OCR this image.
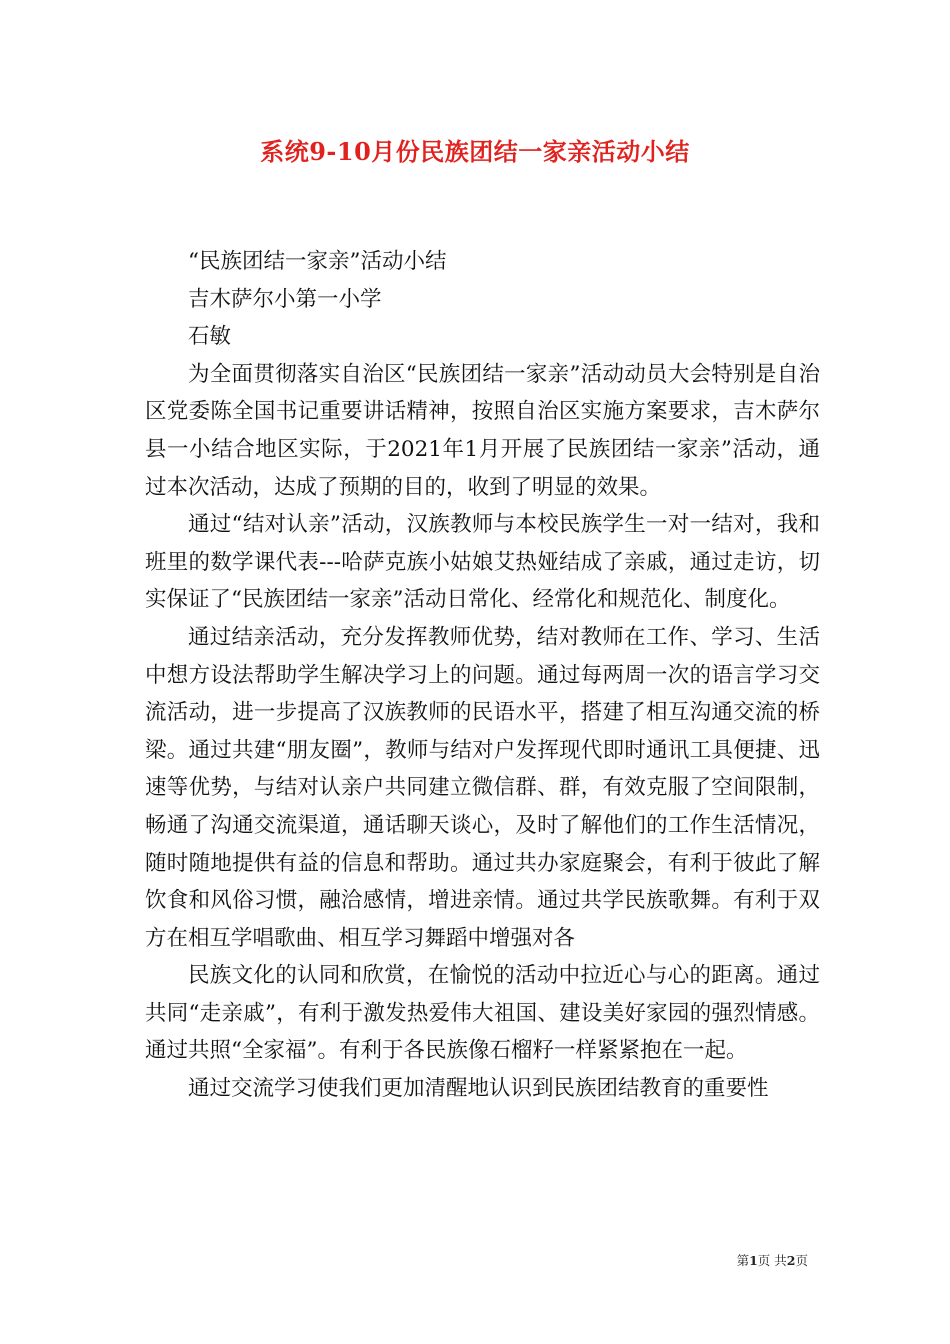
系统9-10月份民族团结一家亲活动小结

“民族团结一家亲”活动小结

吉木萨尔小第一小学

石敏

为全面贯彻落实自治区“民族团结一家亲”活动动员大会特别是自治区党委陈全国书记重要讲话精神，按照自治区实施方案要求，吉木萨尔县一小结合地区实际，于2021年1月开展了民族团结一家亲”活动，通过本次活动，达成了预期的目的，收到了明显的效果。

通过“结对认亲”活动，汉族教师与本校民族学生一对一结对，我和班里的数学课代表---哈萨克族小姑娘艾热娅结成了亲戚，通过走访，切实保证了“民族团结一家亲”活动日常化、经常化和规范化、制度化。

通过结亲活动，充分发挥教师优势，结对教师在工作、学习、生活中想方设法帮助学生解决学习上的问题。通过每两周一次的语言学习交流活动，进一步提高了汉族教师的民语水平，搭建了相互沟通交流的桥梁。通过共建“朋友圈”，教师与结对户发挥现代即时通讯工具便捷、迅速等优势，与结对认亲户共同建立微信群、群，有效克服了空间限制，畅通了沟通交流渠道，通话聊天谈心，及时了解他们的工作生活情况，随时随地提供有益的信息和帮助。通过共办家庭聚会，有利于彼此了解饮食和风俗习惯，融洽感情，增进亲情。通过共学民族歌舞。有利于双方在相互学唱歌曲、相互学习舞蹈中增强对各

民族文化的认同和欣赏，在愉悦的活动中拉近心与心的距离。通过共同“走亲戚”，有利于激发热爱伟大祖国、建设美好家园的强烈情感。通过共照“全家福”。有利于各民族像石榴籽一样紧紧抱在一起。

通过交流学习使我们更加清醒地认识到民族团结教育的重要性

第1页 共2页
